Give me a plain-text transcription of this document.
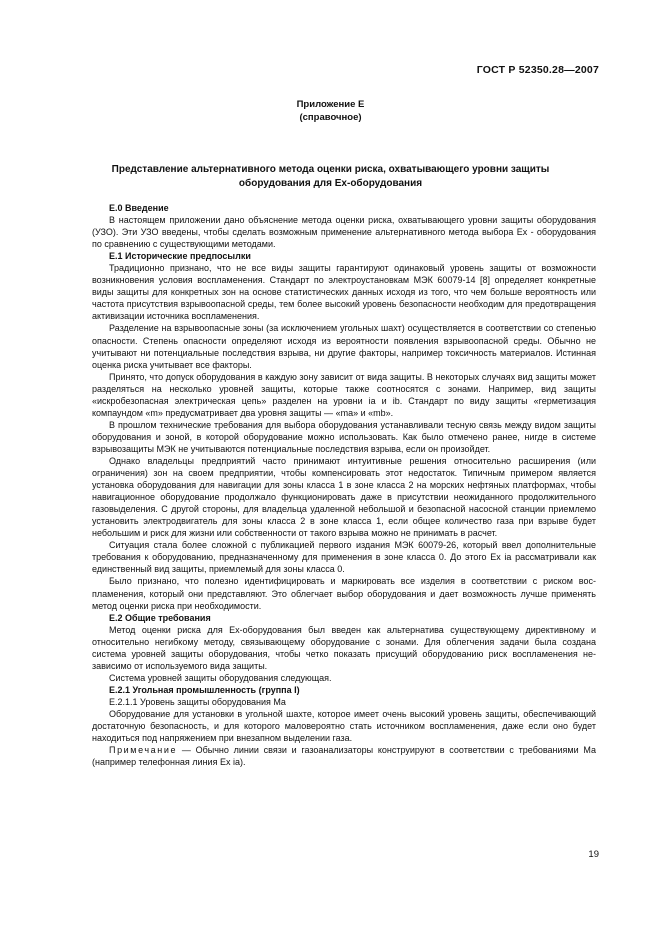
ГОСТ Р 52350.28—2007
Приложение Е
(справочное)
Представление альтернативного метода оценки риска, охватывающего уровни защиты
оборудования для Ex-оборудования

Е.0 Введение

В настоящем приложении дано объяснение метода оценки риска, охватывающего уровни защиты оборудования (УЗО). Эти УЗО введены, чтобы сделать возможным применение альтернативного метода выбора Ex - оборудования по сравнению с существующими методами.

Е.1 Исторические предпосылки

Традиционно признано, что не все виды защиты гарантируют одинаковый уровень защиты от возможности возникновения условия воспламенения. Стандарт по электроустановкам МЭК 60079-14 [8] определяет конкретные виды защиты для конкретных зон на основе статистических данных исходя из того, что чем больше вероятность или частота присутствия взрывоопасной среды, тем более высокий уровень безопасности необходим для предотвращения активизации источника воспламенения.

Разделение на взрывоопасные зоны (за исключением угольных шахт) осуществляется в соответствии со степенью опасности. Степень опасности определяют исходя из вероятности появления взрывоопасной среды. Обычно не учитывают ни потенциальные последствия взрыва, ни другие факторы, например токсичность материалов. Истинная оценка риска учитывает все факторы.

Принято, что допуск оборудования в каждую зону зависит от вида защиты. В некоторых случаях вид защиты может разделяться на несколько уровней защиты, которые также соотносятся с зонами. Например, вид защиты «искробезопасная электрическая цепь» разделен на уровни ia и ib. Стандарт по виду защиты «герметизация компаундом «m» предусматривает два уровня защиты — «ma» и «mb».

В прошлом технические требования для выбора оборудования устанавливали тесную связь между видом защиты оборудования и зоной, в которой оборудование можно использовать. Как было отмечено ранее, нигде в системе взрывозащиты МЭК не учитываются потенциальные последствия взрыва, если он произойдет.

Однако владельцы предприятий часто принимают интуитивные решения относительно расширения (или ограничения) зон на своем предприятии, чтобы компенсировать этот недостаток. Типичным примером является установка оборудования для навигации для зоны класса 1 в зоне класса 2 на морских нефтяных платформах, чтобы навигационное оборудование продолжало функционировать даже в присутствии неожиданного продолжительного газовыделения. С другой стороны, для владельца удаленной небольшой и безопасной насосной станции приемлемо установить электродвигатель для зоны класса 2 в зоне класса 1, если общее количество газа при взрыве будет небольшим и риск для жизни или собственности от такого взрыва можно не принимать в расчет.

Ситуация стала более сложной с публикацией первого издания МЭК 60079-26, который ввел дополнительные требования к оборудованию, предназначенному для применения в зоне класса 0. До этого Ex ia рассматривали как единственный вид защиты, приемлемый для зоны класса 0.

Было признано, что полезно идентифицировать и маркировать все изделия в соответствии с риском воспламенения, который они представляют. Это облегчает выбор оборудования и дает возможность лучше применять метод оценки риска при необходимости.

Е.2 Общие требования

Метод оценки риска для Ex-оборудования был введен как альтернатива существующему директивному и относительно негибкому методу, связывающему оборудование с зонами. Для облегчения задачи была создана система уровней защиты оборудования, чтобы четко показать присущий оборудованию риск воспламенения независимо от используемого вида защиты.

Система уровней защиты оборудования следующая.

Е.2.1 Угольная промышленность (группа I)

Е.2.1.1 Уровень защиты оборудования Ma

Оборудование для установки в угольной шахте, которое имеет очень высокий уровень защиты, обеспечивающий достаточную безопасность, и для которого маловероятно стать источником воспламенения, даже если оно будет находиться под напряжением при внезапном выделении газа.

Примечание — Обычно линии связи и газоанализаторы конструируют в соответствии с требованиями Ма (например телефонная линия Ex ia).

19
